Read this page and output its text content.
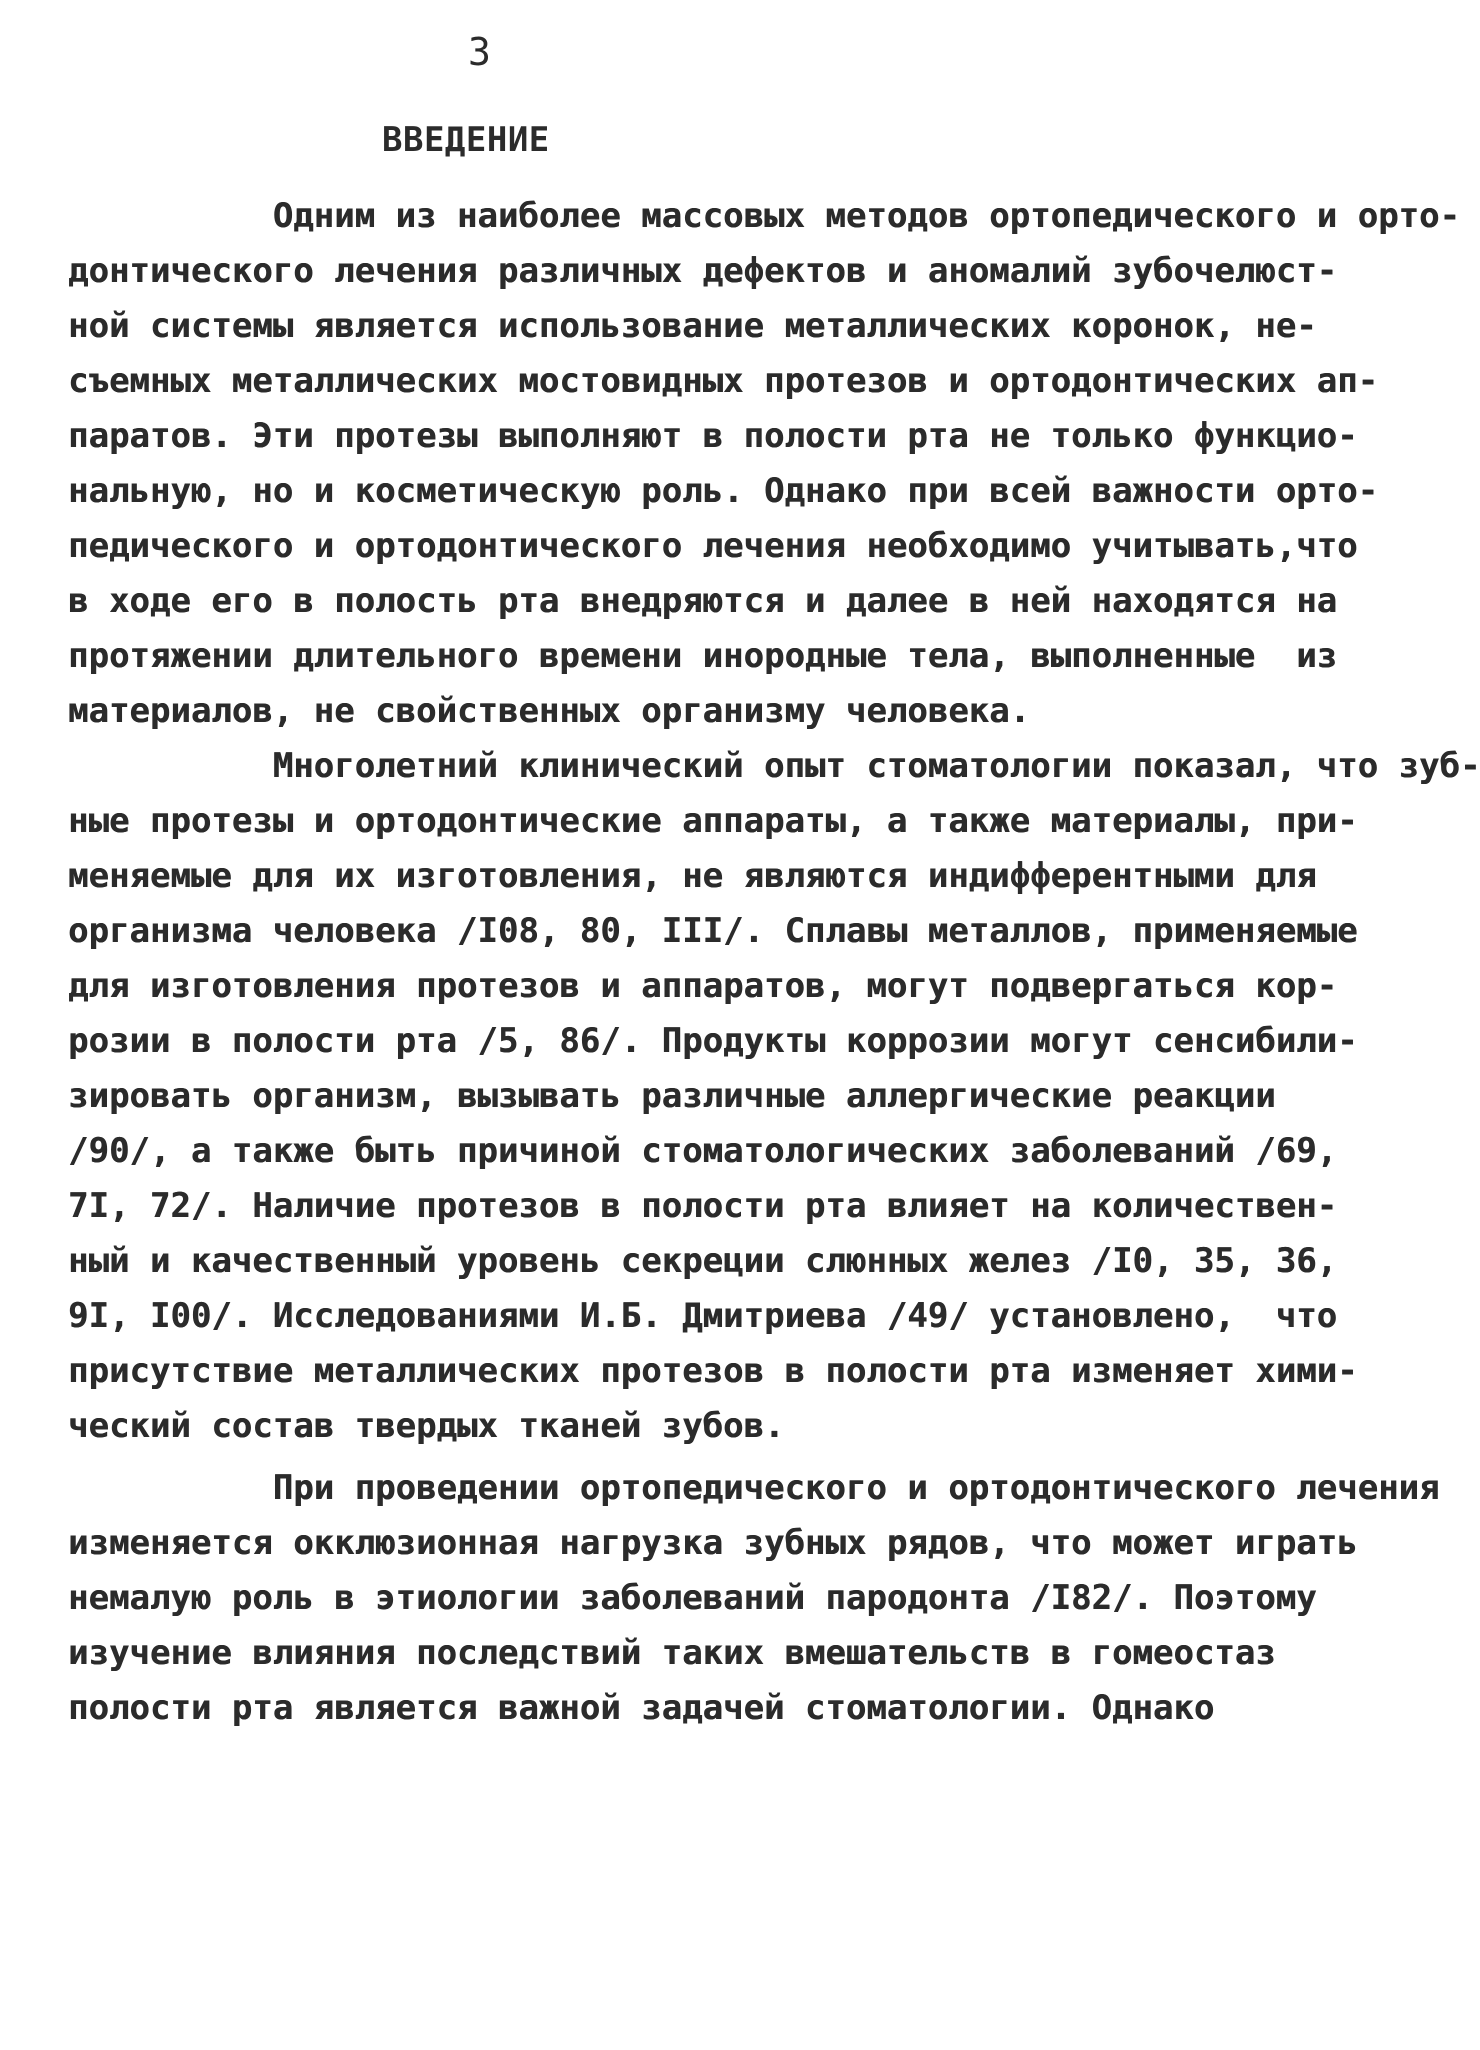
3
ВВЕДЕНИЕ
Одним из наиболее массовых методов ортопедического и орто-
донтического лечения различных дефектов и аномалий зубочелюст-
ной системы является использование металлических коронок, не-
съемных металлических мостовидных протезов и ортодонтических ап-
паратов. Эти протезы выполняют в полости рта не только функцио-
нальную, но и косметическую роль. Однако при всей важности орто-
педического и ортодонтического лечения необходимо учитывать,что
в ходе его в полость рта внедряются и далее в ней находятся на
протяжении длительного времени инородные тела, выполненные  из
материалов, не свойственных организму человека.
Многолетний клинический опыт стоматологии показал, что зуб-
ные протезы и ортодонтические аппараты, а также материалы, при-
меняемые для их изготовления, не являются индифферентными для
организма человека /I08, 80, III/. Сплавы металлов, применяемые
для изготовления протезов и аппаратов, могут подвергаться кор-
розии в полости рта /5, 86/. Продукты коррозии могут сенсибили-
зировать организм, вызывать различные аллергические реакции
/90/, а также быть причиной стоматологических заболеваний /69,
7I, 72/. Наличие протезов в полости рта влияет на количествен-
ный и качественный уровень секреции слюнных желез /I0, 35, 36,
9I, I00/. Исследованиями И.Б. Дмитриева /49/ установлено,  что
присутствие металлических протезов в полости рта изменяет хими-
ческий состав твердых тканей зубов.
При проведении ортопедического и ортодонтического лечения
изменяется окклюзионная нагрузка зубных рядов, что может играть
немалую роль в этиологии заболеваний пародонта /I82/. Поэтому
изучение влияния последствий таких вмешательств в гомеостаз
полости рта является важной задачей стоматологии. Однако
